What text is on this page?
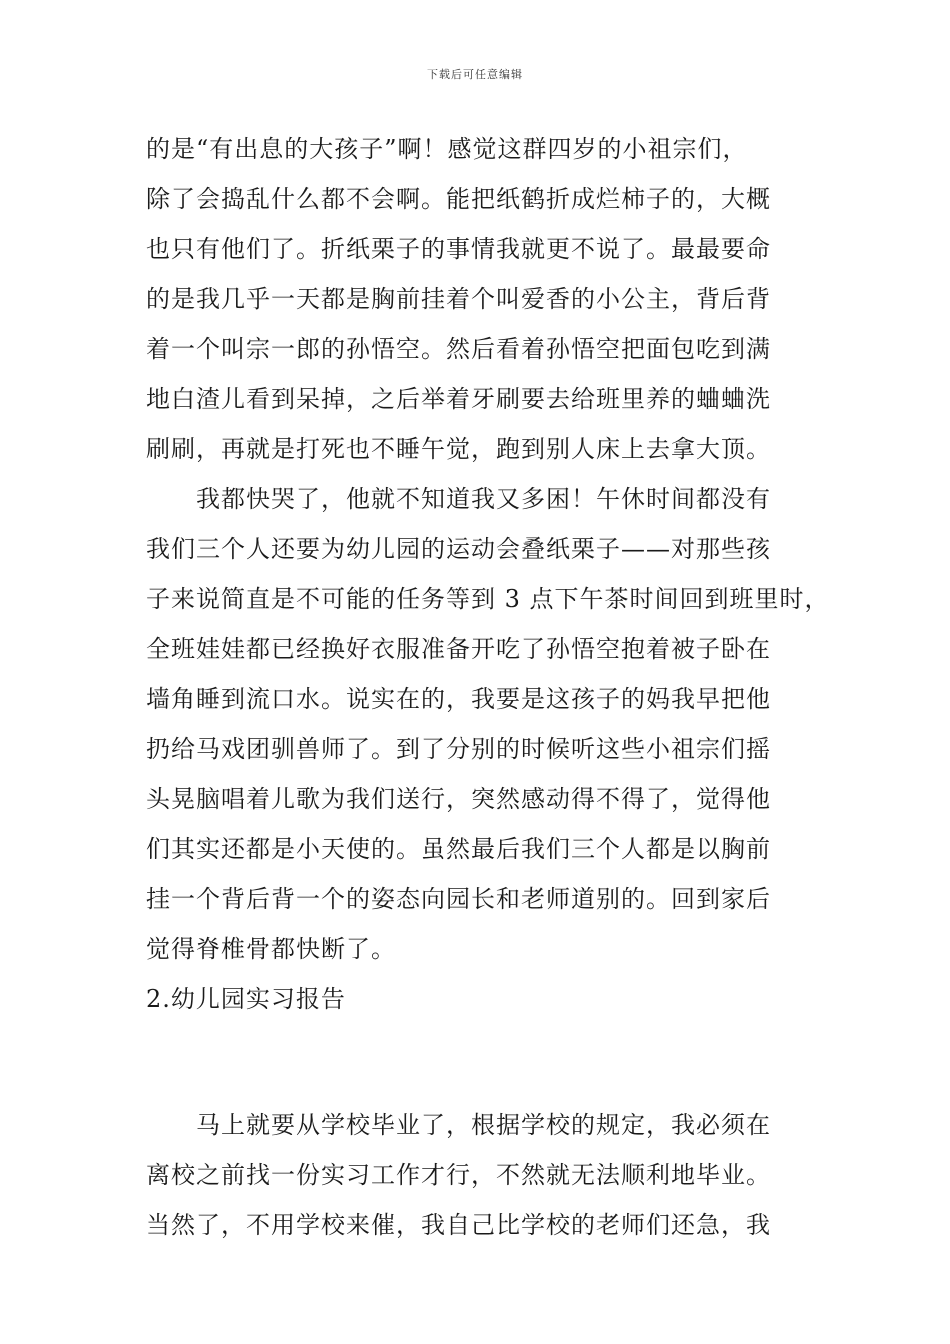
下载后可任意编辑
的是“有出息的大孩子”啊！感觉这群四岁的小祖宗们，
除了会捣乱什么都不会啊。能把纸鹤折成烂柿子的，大概
也只有他们了。折纸栗子的事情我就更不说了。最最要命
的是我几乎一天都是胸前挂着个叫爱香的小公主，背后背
着一个叫宗一郎的孙悟空。然后看着孙悟空把面包吃到满
地白渣儿看到呆掉，之后举着牙刷要去给班里养的蛐蛐洗
刷刷，再就是打死也不睡午觉，跑到别人床上去拿大顶。
　　我都快哭了，他就不知道我又多困！午休时间都没有
我们三个人还要为幼儿园的运动会叠纸栗子——对那些孩
子来说简直是不可能的任务等到 3 点下午茶时间回到班里时，
全班娃娃都已经换好衣服准备开吃了孙悟空抱着被子卧在
墙角睡到流口水。说实在的，我要是这孩子的妈我早把他
扔给马戏团驯兽师了。到了分别的时候听这些小祖宗们摇
头晃脑唱着儿歌为我们送行，突然感动得不得了，觉得他
们其实还都是小天使的。虽然最后我们三个人都是以胸前
挂一个背后背一个的姿态向园长和老师道别的。回到家后
觉得脊椎骨都快断了。
2.幼儿园实习报告
　　马上就要从学校毕业了，根据学校的规定，我必须在
离校之前找一份实习工作才行，不然就无法顺利地毕业。
当然了，不用学校来催，我自己比学校的老师们还急，我
